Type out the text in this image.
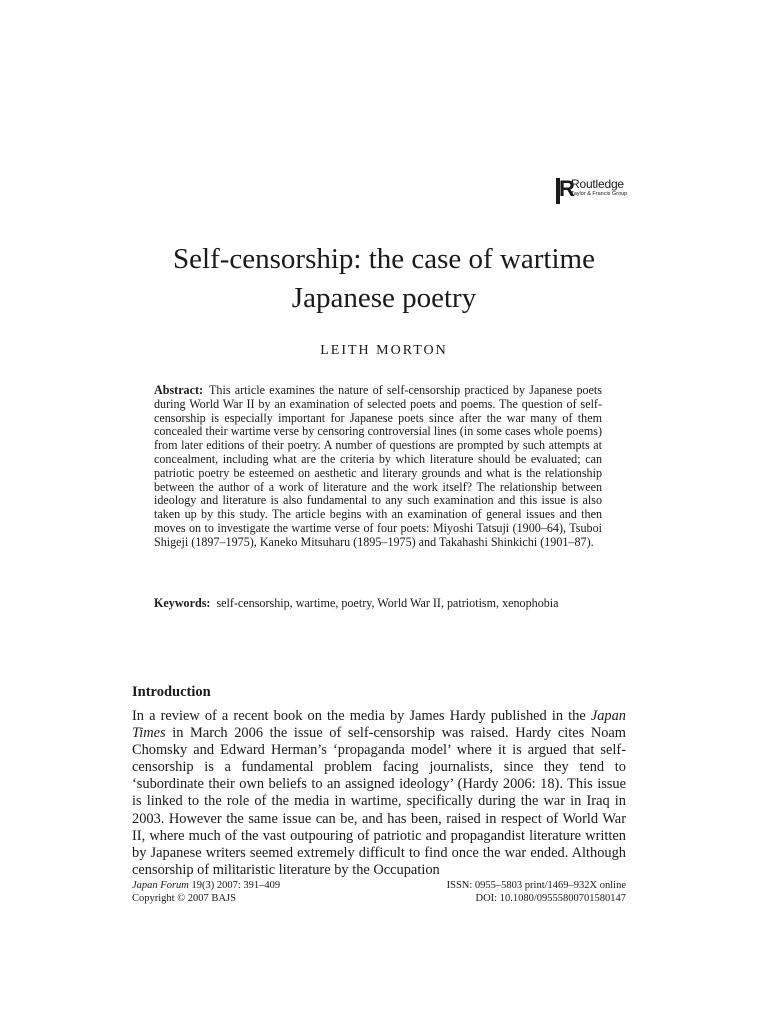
R
Routledge
Taylor & Francis Group
Self-censorship: the case of wartime
Japanese poetry
LEITH MORTON

Abstract: This article examines the nature of self-censorship practiced by Japanese poets during World War II by an examination of selected poets and poems. The question of self-censorship is especially important for Japanese poets since after the war many of them concealed their wartime verse by censoring controversial lines (in some cases whole poems) from later editions of their poetry. A number of questions are prompted by such attempts at concealment, including what are the criteria by which literature should be evaluated; can patriotic poetry be esteemed on aesthetic and literary grounds and what is the relationship between the author of a work of literature and the work itself? The relationship between ideology and literature is also fundamental to any such examination and this issue is also taken up by this study. The article begins with an examination of general issues and then moves on to investigate the wartime verse of four poets: Miyoshi Tatsuji (1900–64), Tsuboi Shigeji (1897–1975), Kaneko Mitsuharu (1895–1975) and Takahashi Shinkichi (1901–87).

Keywords: self-censorship, wartime, poetry, World War II, patriotism, xenophobia

Introduction

In a review of a recent book on the media by James Hardy published in the Japan Times in March 2006 the issue of self-censorship was raised. Hardy cites Noam Chomsky and Edward Herman’s ‘propaganda model’ where it is argued that self-censorship is a fundamental problem facing journalists, since they tend to ‘subordinate their own beliefs to an assigned ideology’ (Hardy 2006: 18). This issue is linked to the role of the media in wartime, specifically during the war in Iraq in 2003. However the same issue can be, and has been, raised in respect of World War II, where much of the vast outpouring of patriotic and propagandist literature written by Japanese writers seemed extremely difficult to find once the war ended. Although censorship of militaristic literature by the Occupation

Japan Forum 19(3) 2007: 391–409	ISSN: 0955–5803 print/1469–932X online
Copyright © 2007 BAJS	DOI: 10.1080/09555800701580147
